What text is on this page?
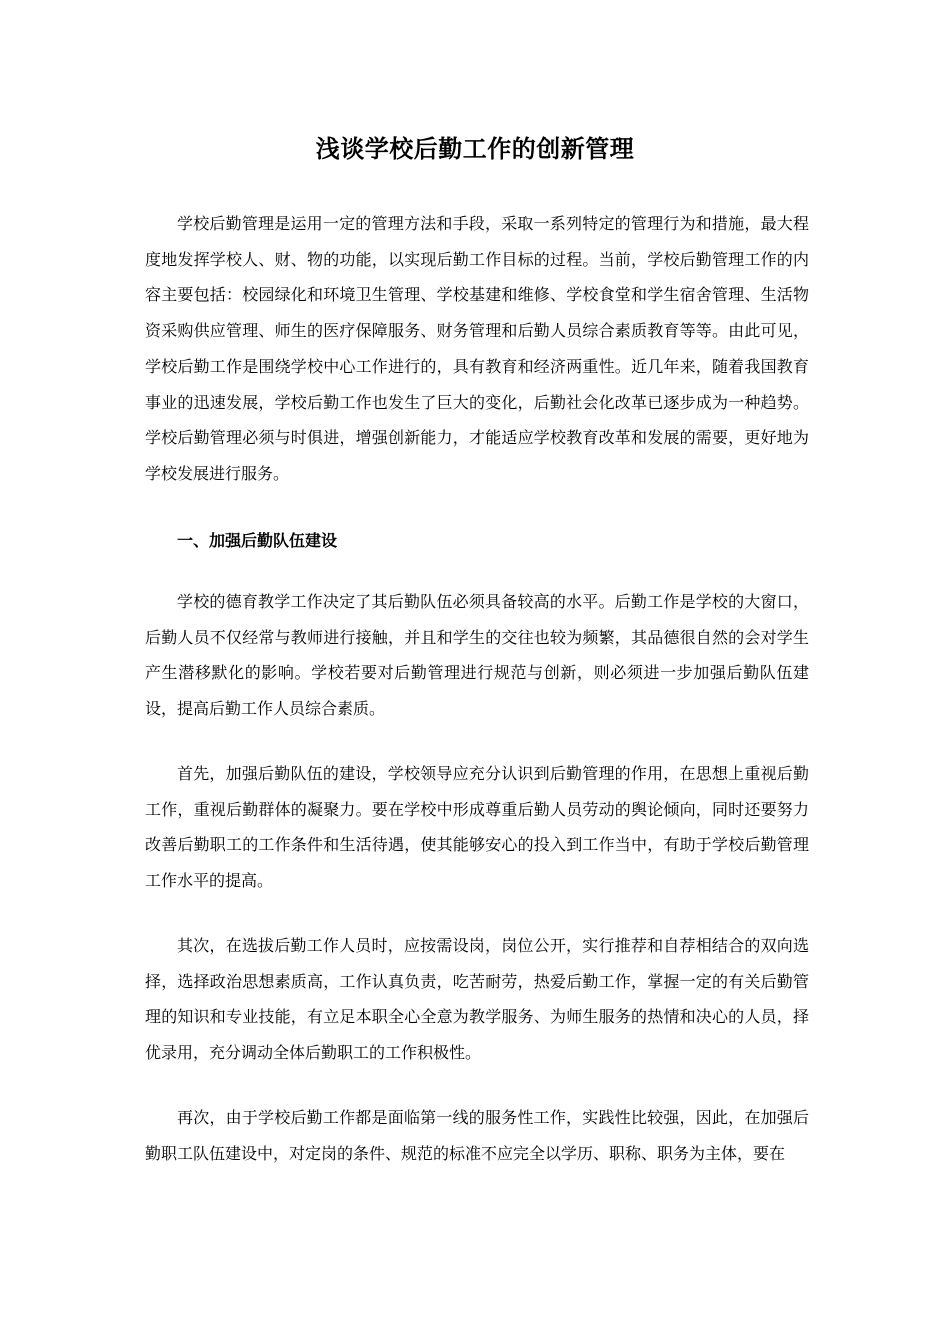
浅谈学校后勤工作的创新管理

学校后勤管理是运用一定的管理方法和手段，采取一系列特定的管理行为和措施，最大程度地发挥学校人、财、物的功能，以实现后勤工作目标的过程。当前，学校后勤管理工作的内容主要包括：校园绿化和环境卫生管理、学校基建和维修、学校食堂和学生宿舍管理、生活物资采购供应管理、师生的医疗保障服务、财务管理和后勤人员综合素质教育等等。由此可见，学校后勤工作是围绕学校中心工作进行的，具有教育和经济两重性。近几年来，随着我国教育事业的迅速发展，学校后勤工作也发生了巨大的变化，后勤社会化改革已逐步成为一种趋势。学校后勤管理必须与时俱进，增强创新能力，才能适应学校教育改革和发展的需要，更好地为学校发展进行服务。

一、加强后勤队伍建设

学校的德育教学工作决定了其后勤队伍必须具备较高的水平。后勤工作是学校的大窗口，后勤人员不仅经常与教师进行接触，并且和学生的交往也较为频繁，其品德很自然的会对学生产生潜移默化的影响。学校若要对后勤管理进行规范与创新，则必须进一步加强后勤队伍建设，提高后勤工作人员综合素质。

首先，加强后勤队伍的建设，学校领导应充分认识到后勤管理的作用，在思想上重视后勤工作，重视后勤群体的凝聚力。要在学校中形成尊重后勤人员劳动的舆论倾向，同时还要努力改善后勤职工的工作条件和生活待遇，使其能够安心的投入到工作当中，有助于学校后勤管理工作水平的提高。

其次，在选拔后勤工作人员时，应按需设岗，岗位公开，实行推荐和自荐相结合的双向选择，选择政治思想素质高，工作认真负责，吃苦耐劳，热爱后勤工作，掌握一定的有关后勤管理的知识和专业技能，有立足本职全心全意为教学服务、为师生服务的热情和决心的人员，择优录用，充分调动全体后勤职工的工作积极性。

再次，由于学校后勤工作都是面临第一线的服务性工作，实践性比较强，因此，在加强后勤职工队伍建设中，对定岗的条件、规范的标准不应完全以学历、职称、职务为主体，要在
